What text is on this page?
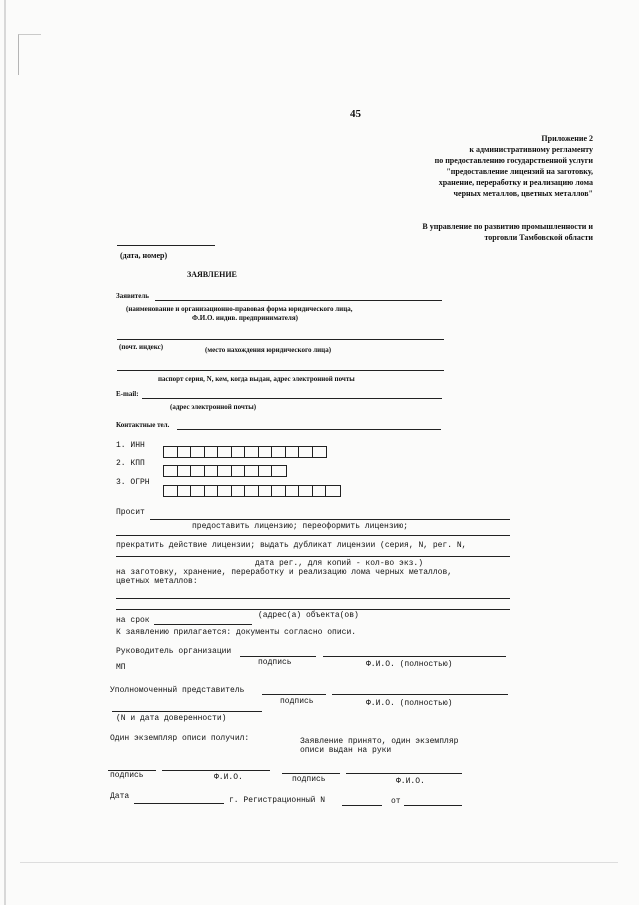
45
Приложение 2
к административному регламенту
по предоставлению государственной услуги
"предоставление лицензий на заготовку,
хранение, переработку и реализацию лома
черных металлов, цветных металлов"
В управление по развитию промышленности и
торговли Тамбовской области
(дата, номер)
ЗАЯВЛЕНИЕ
Заявитель
(наименование и организационно-правовая форма юридического лица,
Ф.И.О. индив. предпринимателя)
(почт. индекс)	(место нахождения юридического лица)
паспорт серия, N, кем, когда выдан, адрес электронной почты
E-mail:
(адрес электронной почты)
Контактные тел.
1. ИНН
2. КПП
3. ОГРН
Просит
предоставить лицензию; переоформить лицензию;
прекратить действие лицензии; выдать дубликат лицензии (серия, N, рег. N,
дата рег., для копий - кол-во экз.)
на заготовку, хранение, переработку и реализацию лома черных металлов,
цветных металлов:
(адрес(а) объекта(ов)
на срок
К заявлению прилагается: документы согласно описи.
Руководитель организации
подпись	Ф.И.О. (полностью)
МП
Уполномоченный представитель
подпись	Ф.И.О. (полностью)
(N и дата доверенности)
Один экземпляр описи получил:	Заявление принято, один экземпляр
описи выдан на руки
подпись	Ф.И.О.	подпись	Ф.И.О.
Дата	г. Регистрационный N	от
